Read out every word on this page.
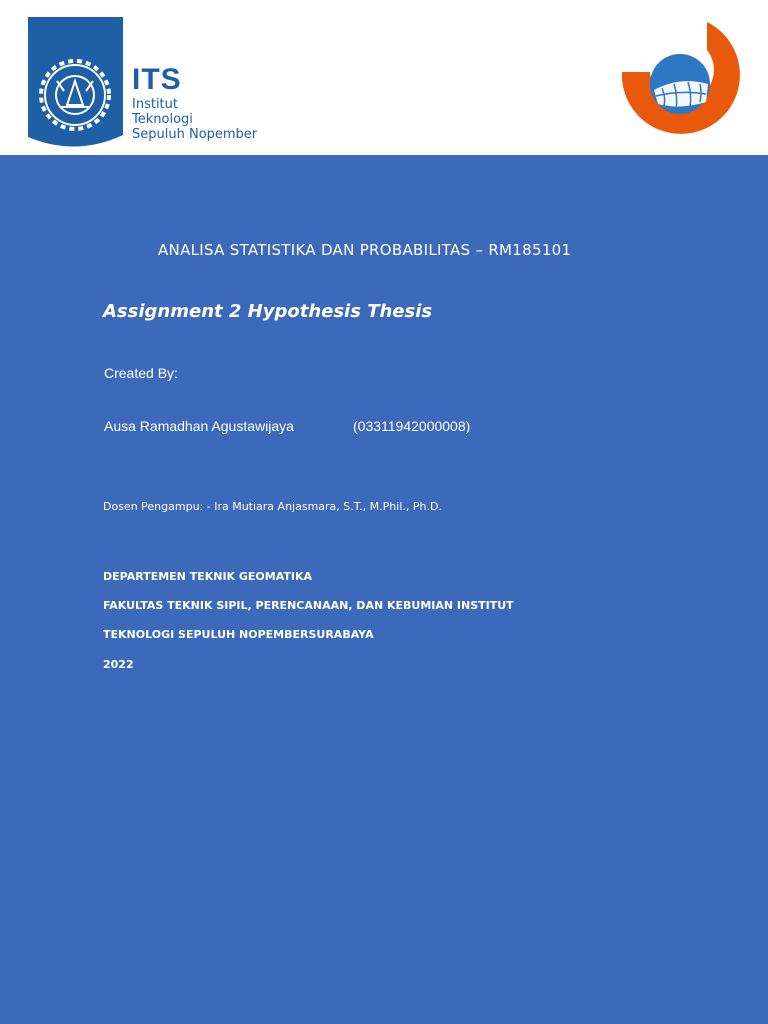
ITS
Institut
Teknologi
Sepuluh Nopember
ANALISA STATISTIKA DAN PROBABILITAS – RM185101
Assignment 2 Hypothesis Thesis
Created By:
Ausa Ramadhan Agustawijaya	(03311942000008)
Dosen Pengampu: - Ira Mutiara Anjasmara, S.T., M.Phil., Ph.D.
DEPARTEMEN TEKNIK GEOMATIKA
FAKULTAS TEKNIK SIPIL, PERENCANAAN, DAN KEBUMIAN INSTITUT
TEKNOLOGI SEPULUH NOPEMBERSURABAYA
2022
